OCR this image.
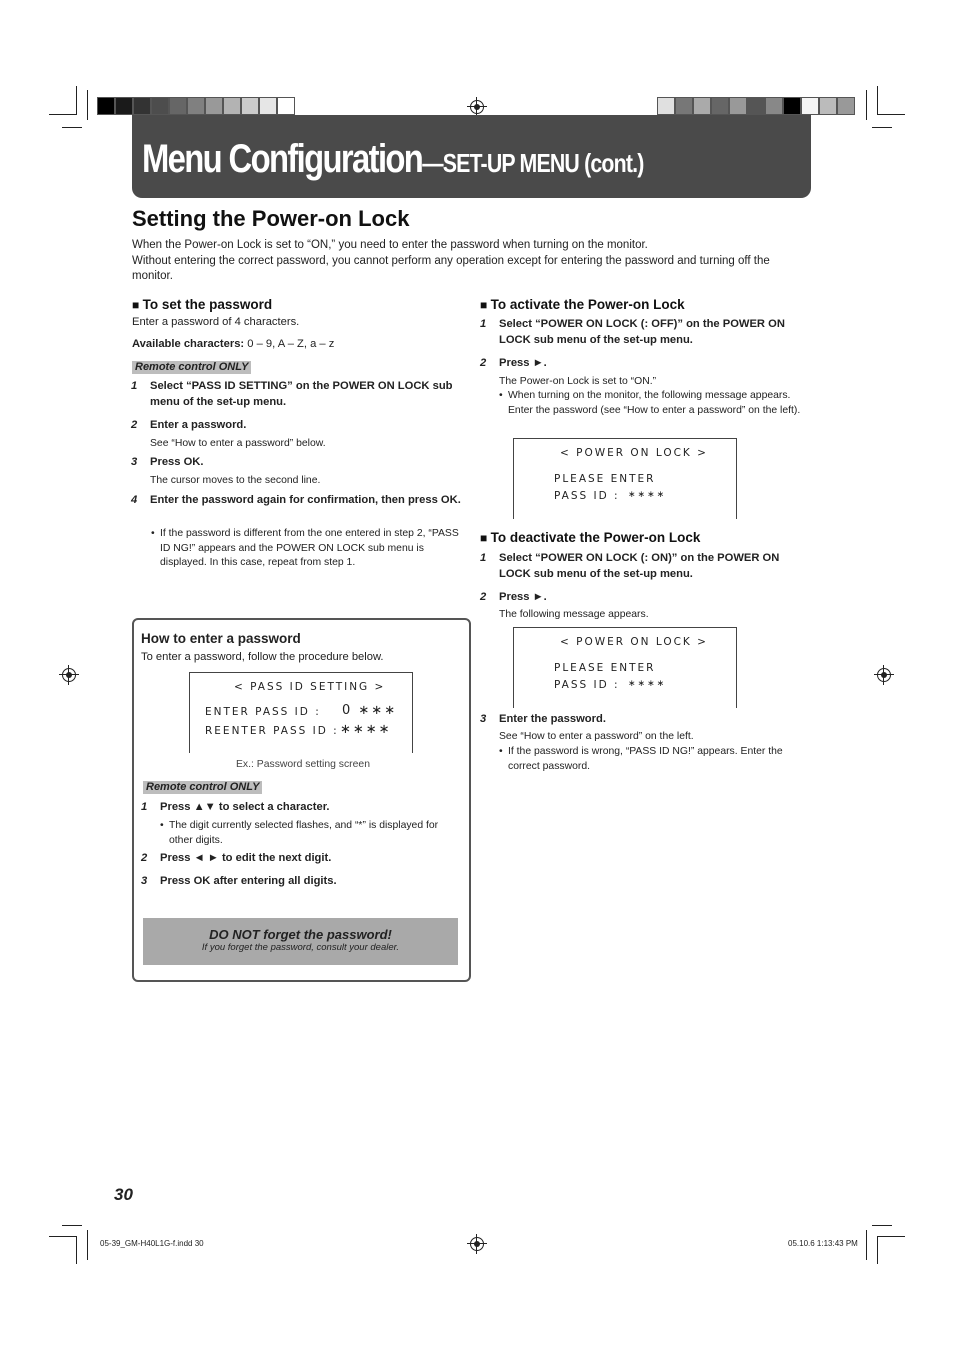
Menu Configuration—SET-UP MENU (cont.)
Setting the Power-on Lock
When the Power-on Lock is set to “ON,” you need to enter the password when turning on the monitor.
Without entering the correct password, you cannot perform any operation except for entering the password and turning off the monitor.
■ To set the password
Enter a password of 4 characters.
Available characters: 0 – 9, A – Z, a – z
Remote control ONLY
1 Select “PASS ID SETTING” on the POWER ON LOCK sub menu of the set-up menu.
2 Enter a password.
See “How to enter a password” below.
3 Press OK.
The cursor moves to the second line.
4 Enter the password again for confirmation, then press OK.
• If the password is different from the one entered in step 2, “PASS ID NG!” appears and the POWER ON LOCK sub menu is displayed. In this case, repeat from step 1.
How to enter a password
To enter a password, follow the procedure below.
< PASS ID SETTING >
ENTER PASS ID : 0 ∗∗∗
REENTER PASS ID : ∗∗∗∗
Ex.: Password setting screen
Remote control ONLY
1 Press ▲▼ to select a character.
• The digit currently selected flashes, and “*” is displayed for other digits.
2 Press ◄ ► to edit the next digit.
3 Press OK after entering all digits.
DO NOT forget the password!
If you forget the password, consult your dealer.
■ To activate the Power-on Lock
1 Select “POWER ON LOCK (: OFF)” on the POWER ON LOCK sub menu of the set-up menu.
2 Press ►.
The Power-on Lock is set to “ON.”
• When turning on the monitor, the following message appears. Enter the password (see “How to enter a password” on the left).
< POWER ON LOCK >
PLEASE ENTER
PASS ID : ∗∗∗∗
■ To deactivate the Power-on Lock
1 Select “POWER ON LOCK (: ON)” on the POWER ON LOCK sub menu of the set-up menu.
2 Press ►.
The following message appears.
< POWER ON LOCK >
PLEASE ENTER
PASS ID : ∗∗∗∗
3 Enter the password.
See “How to enter a password” on the left.
• If the password is wrong, “PASS ID NG!” appears. Enter the correct password.
30
05-39_GM-H40L1G-f.indd 30	05.10.6 1:13:43 PM
